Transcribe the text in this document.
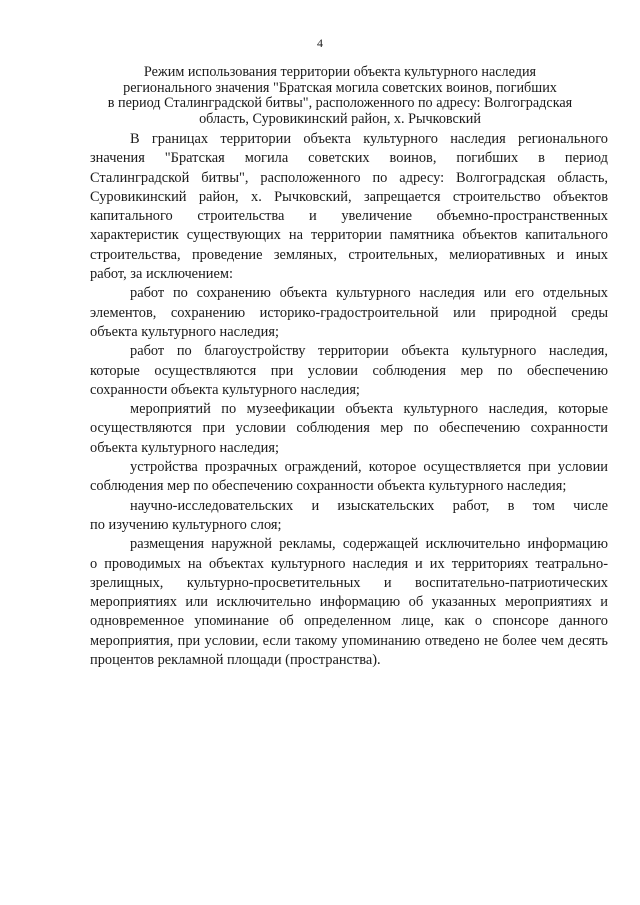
4
Режим использования территории объекта культурного наследия
регионального значения "Братская могила советских воинов, погибших
в период Сталинградской битвы", расположенного по адресу: Волгоградская
область, Суровикинский район, х. Рычковский
В границах территории объекта культурного наследия регионального
значения "Братская могила советских воинов, погибших в период
Сталинградской битвы", расположенного по адресу: Волгоградская область,
Суровикинский район, х. Рычковский, запрещается строительство объектов
капитального строительства и увеличение объемно-пространственных
характеристик существующих на территории памятника объектов капитального
строительства, проведение земляных, строительных, мелиоративных и иных
работ, за исключением:
работ по сохранению объекта культурного наследия или его отдельных
элементов, сохранению историко-градостроительной или природной среды
объекта культурного наследия;
работ по благоустройству территории объекта культурного наследия,
которые осуществляются при условии соблюдения мер по обеспечению
сохранности объекта культурного наследия;
мероприятий по музеефикации объекта культурного наследия, которые
осуществляются при условии соблюдения мер по обеспечению сохранности
объекта культурного наследия;
устройства прозрачных ограждений, которое осуществляется при условии
соблюдения мер по обеспечению сохранности объекта культурного наследия;
научно-исследовательских и изыскательских работ, в том числе
по изучению культурного слоя;
размещения наружной рекламы, содержащей исключительно информацию
о проводимых на объектах культурного наследия и их территориях театрально-
зрелищных, культурно-просветительных и воспитательно-патриотических
мероприятиях или исключительно информацию об указанных мероприятиях и
одновременное упоминание об определенном лице, как о спонсоре данного
мероприятия, при условии, если такому упоминанию отведено не более чем десять
процентов рекламной площади (пространства).
